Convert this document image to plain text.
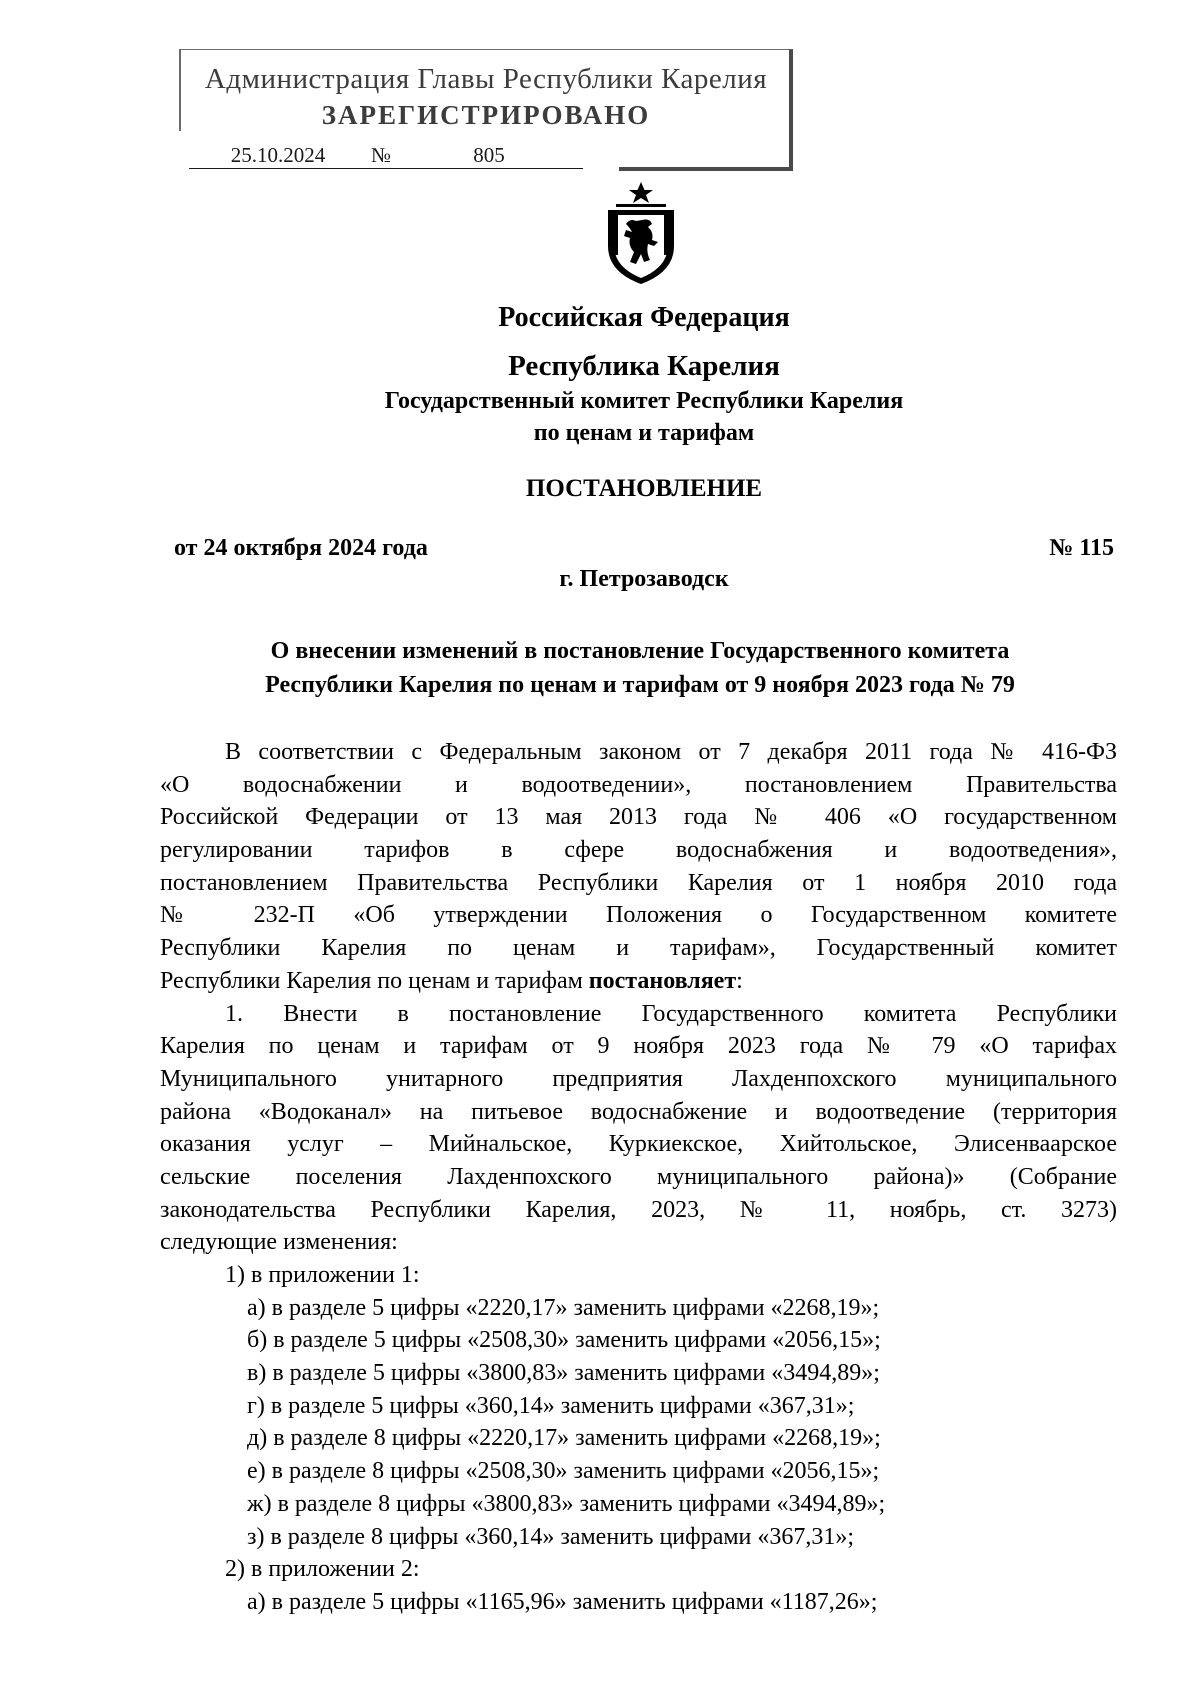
Администрация Главы Республики Карелия
ЗАРЕГИСТРИРОВАНО
25.10.2024 №	805
Российская Федерация
Республика Карелия
Государственный комитет Республики Карелия
по ценам и тарифам
ПОСТАНОВЛЕНИЕ
от 24 октября 2024 года	№ 115
г. Петрозаводск
О внесении изменений в постановление Государственного комитета
Республики Карелия по ценам и тарифам от 9 ноября 2023 года № 79
В соответствии с Федеральным законом от 7 декабря 2011 года № 416-ФЗ
«О водоснабжении и водоотведении», постановлением Правительства
Российской Федерации от 13 мая 2013 года № 406 «О государственном
регулировании тарифов в сфере водоснабжения и водоотведения»,
постановлением Правительства Республики Карелия от 1 ноября 2010 года
№ 232-П «Об утверждении Положения о Государственном комитете
Республики Карелия по ценам и тарифам», Государственный комитет
Республики Карелия по ценам и тарифам постановляет:
1. Внести в постановление Государственного комитета Республики
Карелия по ценам и тарифам от 9 ноября 2023 года № 79 «О тарифах
Муниципального унитарного предприятия Лахденпохского муниципального
района «Водоканал» на питьевое водоснабжение и водоотведение (территория
оказания услуг – Мийнальское, Куркиекское, Хийтольское, Элисенваарское
сельские поселения Лахденпохского муниципального района)» (Собрание
законодательства Республики Карелия, 2023, № 11, ноябрь, ст. 3273)
следующие изменения:
1) в приложении 1:
а) в разделе 5 цифры «2220,17» заменить цифрами «2268,19»;
б) в разделе 5 цифры «2508,30» заменить цифрами «2056,15»;
в) в разделе 5 цифры «3800,83» заменить цифрами «3494,89»;
г) в разделе 5 цифры «360,14» заменить цифрами «367,31»;
д) в разделе 8 цифры «2220,17» заменить цифрами «2268,19»;
е) в разделе 8 цифры «2508,30» заменить цифрами «2056,15»;
ж) в разделе 8 цифры «3800,83» заменить цифрами «3494,89»;
з) в разделе 8 цифры «360,14» заменить цифрами «367,31»;
2) в приложении 2:
а) в разделе 5 цифры «1165,96» заменить цифрами «1187,26»;
